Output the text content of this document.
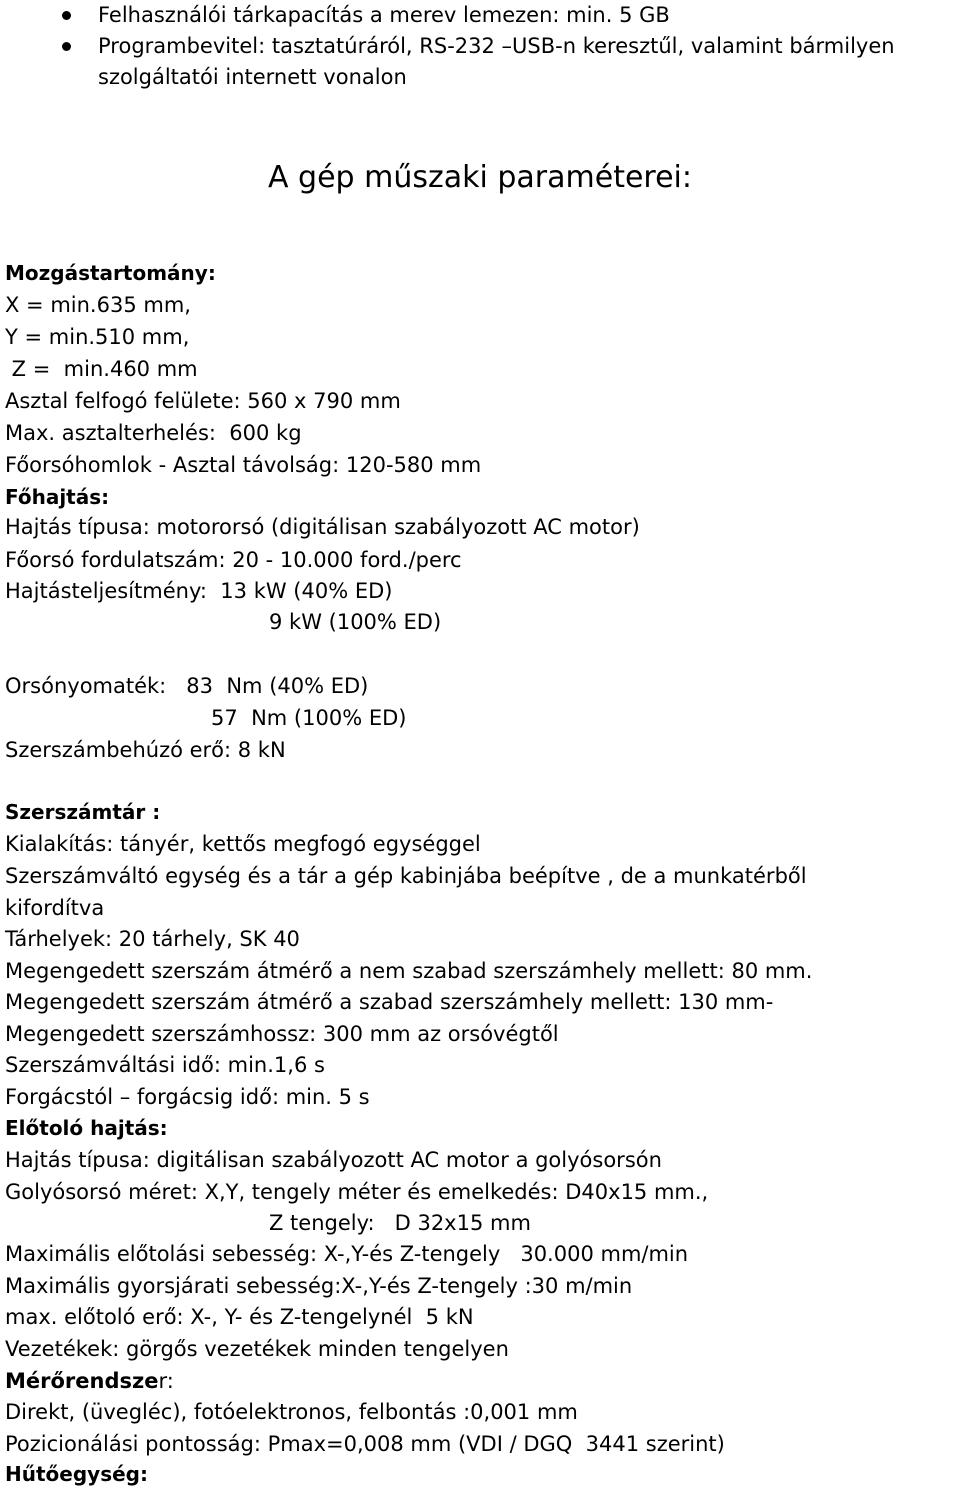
Felhasználói tárkapacítás a merev lemezen: min. 5 GB
Programbevitel: tasztatúráról, RS-232 –USB-n keresztűl, valamint bármilyen szolgáltatói internett vonalon
A gép műszaki paraméterei:
Mozgástartomány:
X = min.635 mm,
Y = min.510 mm,
Z =  min.460 mm
Asztal felfogó felülete: 560 x 790 mm
Max. asztalterhelés:  600 kg
Főorsóhomlok - Asztal távolság: 120-580 mm
Főhajtás:
Hajtás típusa: motororsó (digitálisan szabályozott AC motor)
Főorsó fordulatszám: 20 - 10.000 ford./perc
Hajtásteljesítmény:  13 kW (40% ED)
9 kW (100% ED)
Orsónyomaték:   83  Nm (40% ED)
57  Nm (100% ED)
Szerszámbehúzó erő: 8 kN
Szerszámtár :
Kialakítás: tányér, kettős megfogó egységgel
Szerszámváltó egység és a tár a gép kabinjába beépítve , de a munkatérből
kifordítva
Tárhelyek: 20 tárhely, SK 40
Megengedett szerszám átmérő a nem szabad szerszámhely mellett: 80 mm.
Megengedett szerszám átmérő a szabad szerszámhely mellett: 130 mm-
Megengedett szerszámhossz: 300 mm az orsóvégtől
Szerszámváltási idő: min.1,6 s
Forgácstól – forgácsig idő: min. 5 s
Előtoló hajtás:
Hajtás típusa: digitálisan szabályozott AC motor a golyósorsón
Golyósorsó méret: X,Y, tengely méter és emelkedés: D40x15 mm.,
Z tengely:   D 32x15 mm
Maximális előtolási sebesség: X-,Y-és Z-tengely   30.000 mm/min
Maximális gyorsjárati sebesség:X-,Y-és Z-tengely :30 m/min
max. előtoló erő: X-, Y- és Z-tengelynél  5 kN
Vezetékek: görgős vezetékek minden tengelyen
Mérőrendszer:
Direkt, (üvegléc), fotóelektronos, felbontás :0,001 mm
Pozicionálási pontosság: Pmax=0,008 mm (VDI / DGQ  3441 szerint)
Hűtőegység:
